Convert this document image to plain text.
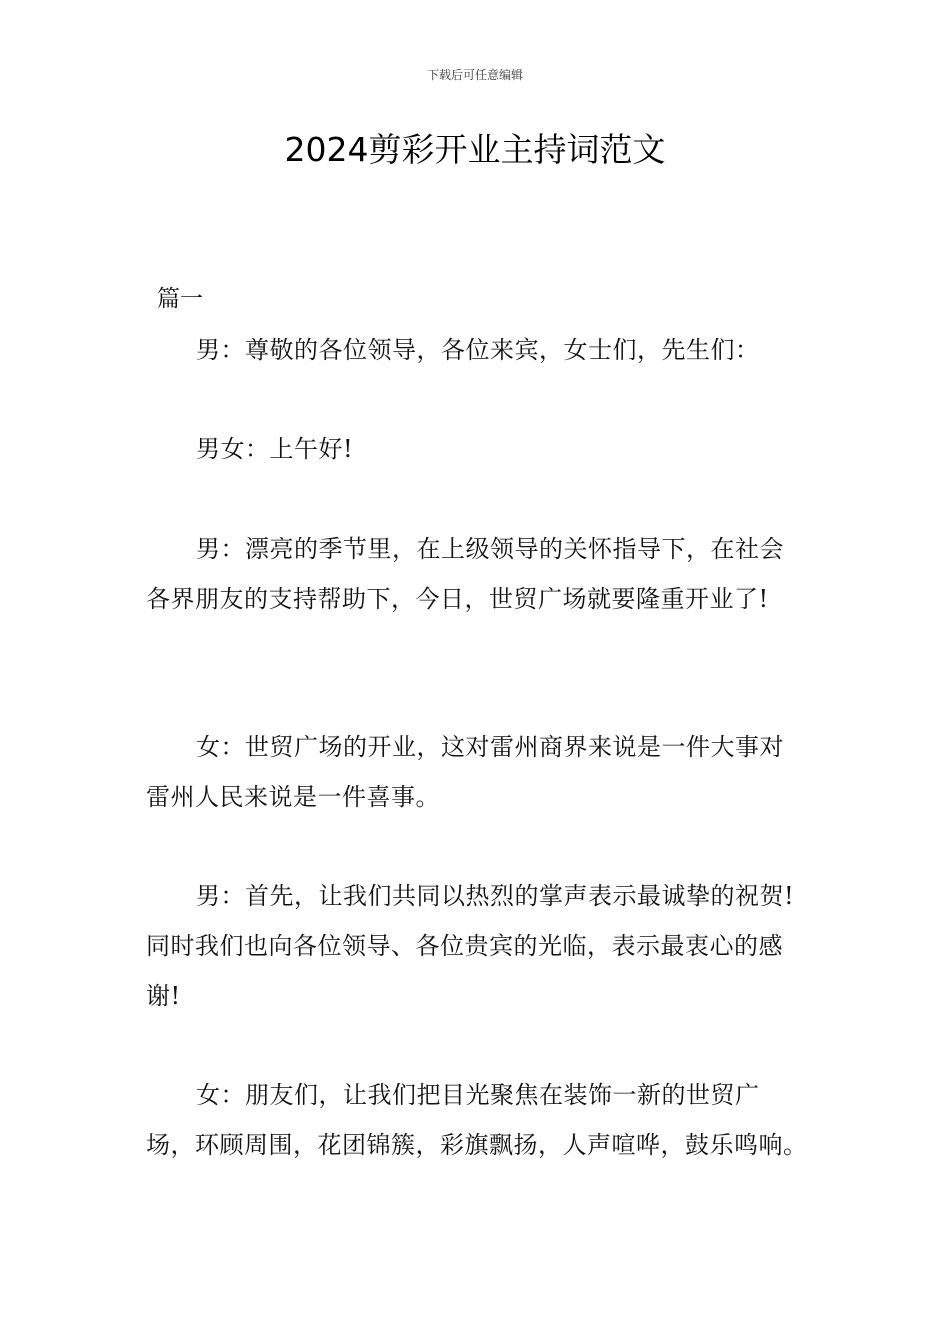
下载后可任意编辑
2024剪彩开业主持词范文
篇一
男：尊敬的各位领导，各位来宾，女士们，先生们：
男女：上午好!
男：漂亮的季节里，在上级领导的关怀指导下，在社会各界朋友的支持帮助下，今日，世贸广场就要隆重开业了!
女：世贸广场的开业，这对雷州商界来说是一件大事对雷州人民来说是一件喜事。
男：首先，让我们共同以热烈的掌声表示最诚挚的祝贺!同时我们也向各位领导、各位贵宾的光临，表示最衷心的感谢!
女：朋友们，让我们把目光聚焦在装饰一新的世贸广场，环顾周围，花团锦簇，彩旗飘扬，人声喧哗，鼓乐鸣响。
